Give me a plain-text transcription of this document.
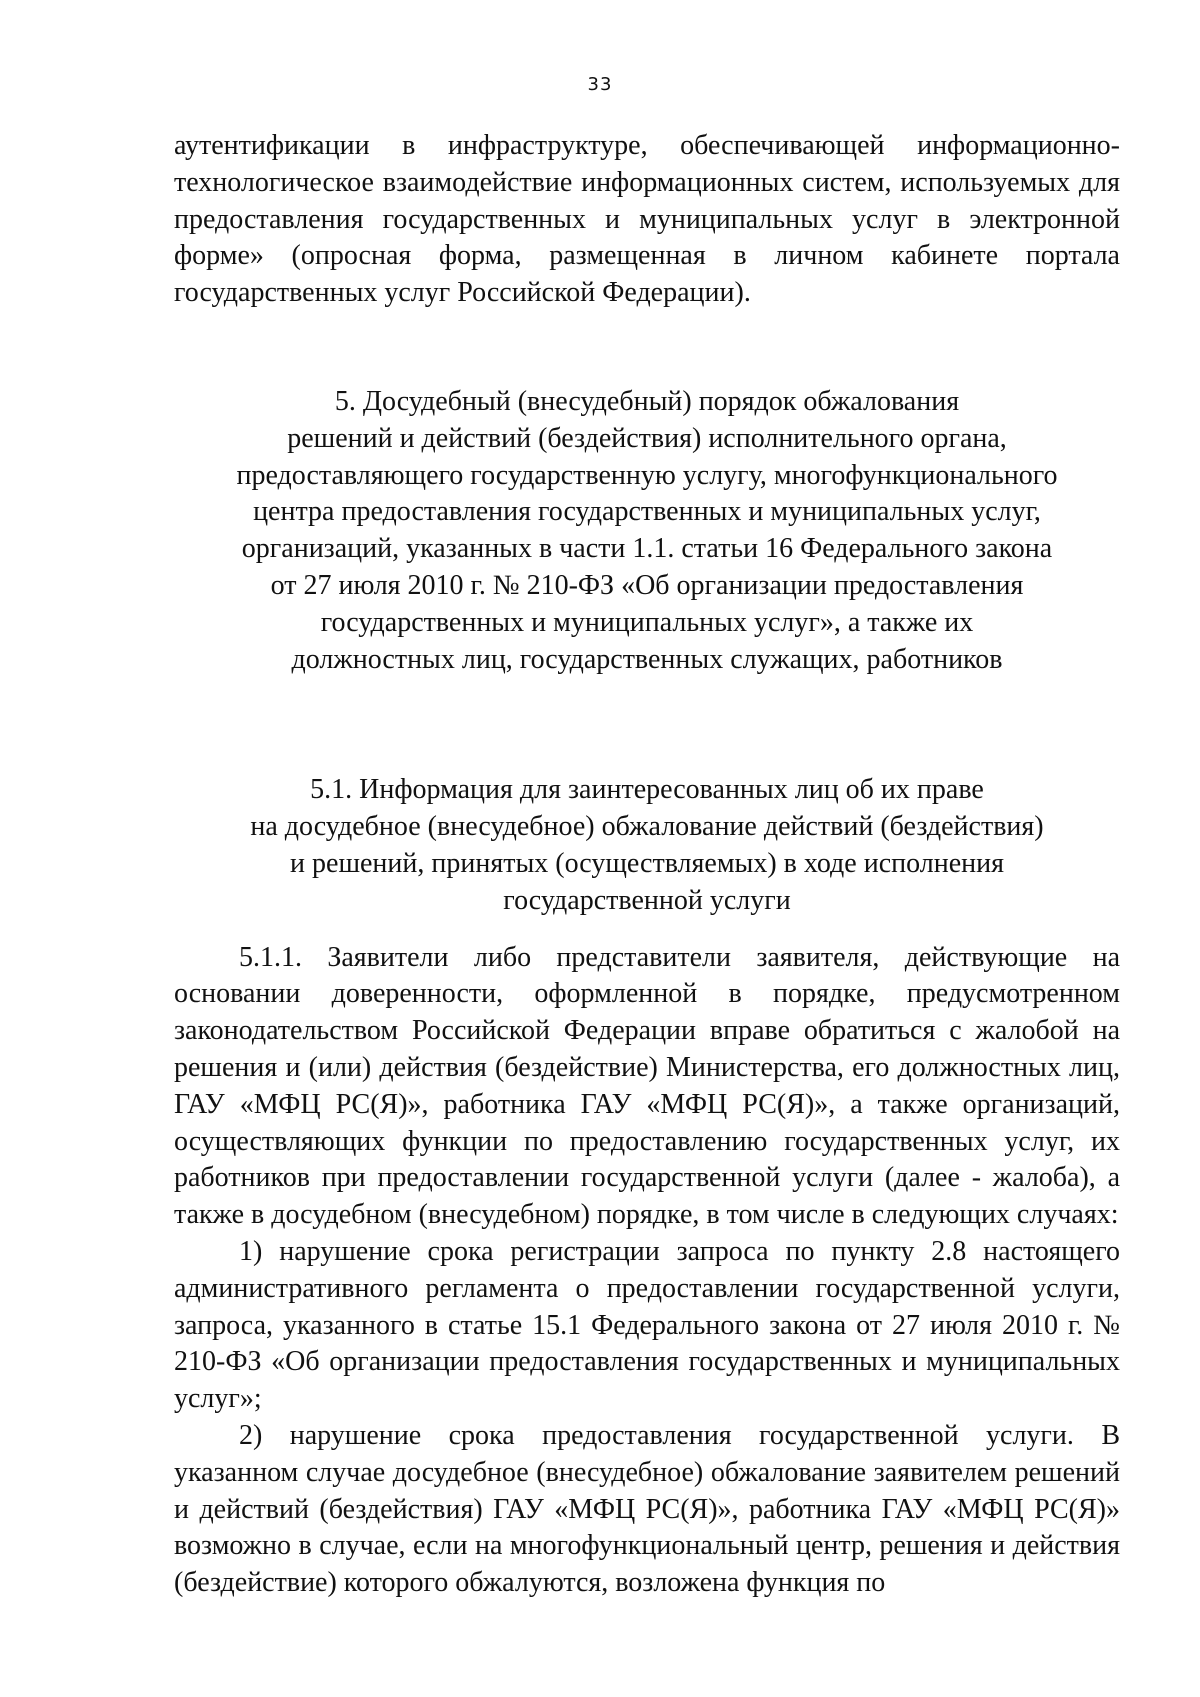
33

аутентификации в инфраструктуре, обеспечивающей информационно-технологическое взаимодействие информационных систем, используемых для предоставления государственных и муниципальных услуг в электронной форме» (опросная форма, размещенная в личном кабинете портала государственных услуг Российской Федерации).

5. Досудебный (внесудебный) порядок обжалования
решений и действий (бездействия) исполнительного органа,
предоставляющего государственную услугу, многофункционального
центра предоставления государственных и муниципальных услуг,
организаций, указанных в части 1.1. статьи 16 Федерального закона
от 27 июля 2010 г. № 210-ФЗ «Об организации предоставления
государственных и муниципальных услуг», а также их
должностных лиц, государственных служащих, работников
5.1. Информация для заинтересованных лиц об их праве
на досудебное (внесудебное) обжалование действий (бездействия)
и решений, принятых (осуществляемых) в ходе исполнения
государственной услуги

5.1.1. Заявители либо представители заявителя, действующие на основании доверенности, оформленной в порядке, предусмотренном законодательством Российской Федерации вправе обратиться с жалобой на решения и (или) действия (бездействие) Министерства, его должностных лиц, ГАУ «МФЦ РС(Я)», работника ГАУ «МФЦ РС(Я)», а также организаций, осуществляющих функции по предоставлению государственных услуг, их работников при предоставлении государственной услуги (далее - жалоба), а также в досудебном (внесудебном) порядке, в том числе в следующих случаях:

1) нарушение срока регистрации запроса по пункту 2.8 настоящего административного регламента о предоставлении государственной услуги, запроса, указанного в статье 15.1 Федерального закона от 27 июля 2010 г. № 210-ФЗ «Об организации предоставления государственных и муниципальных услуг»;

2) нарушение срока предоставления государственной услуги. В указанном случае досудебное (внесудебное) обжалование заявителем решений и действий (бездействия) ГАУ «МФЦ РС(Я)», работника ГАУ «МФЦ РС(Я)» возможно в случае, если на многофункциональный центр, решения и действия (бездействие) которого обжалуются, возложена функция по
